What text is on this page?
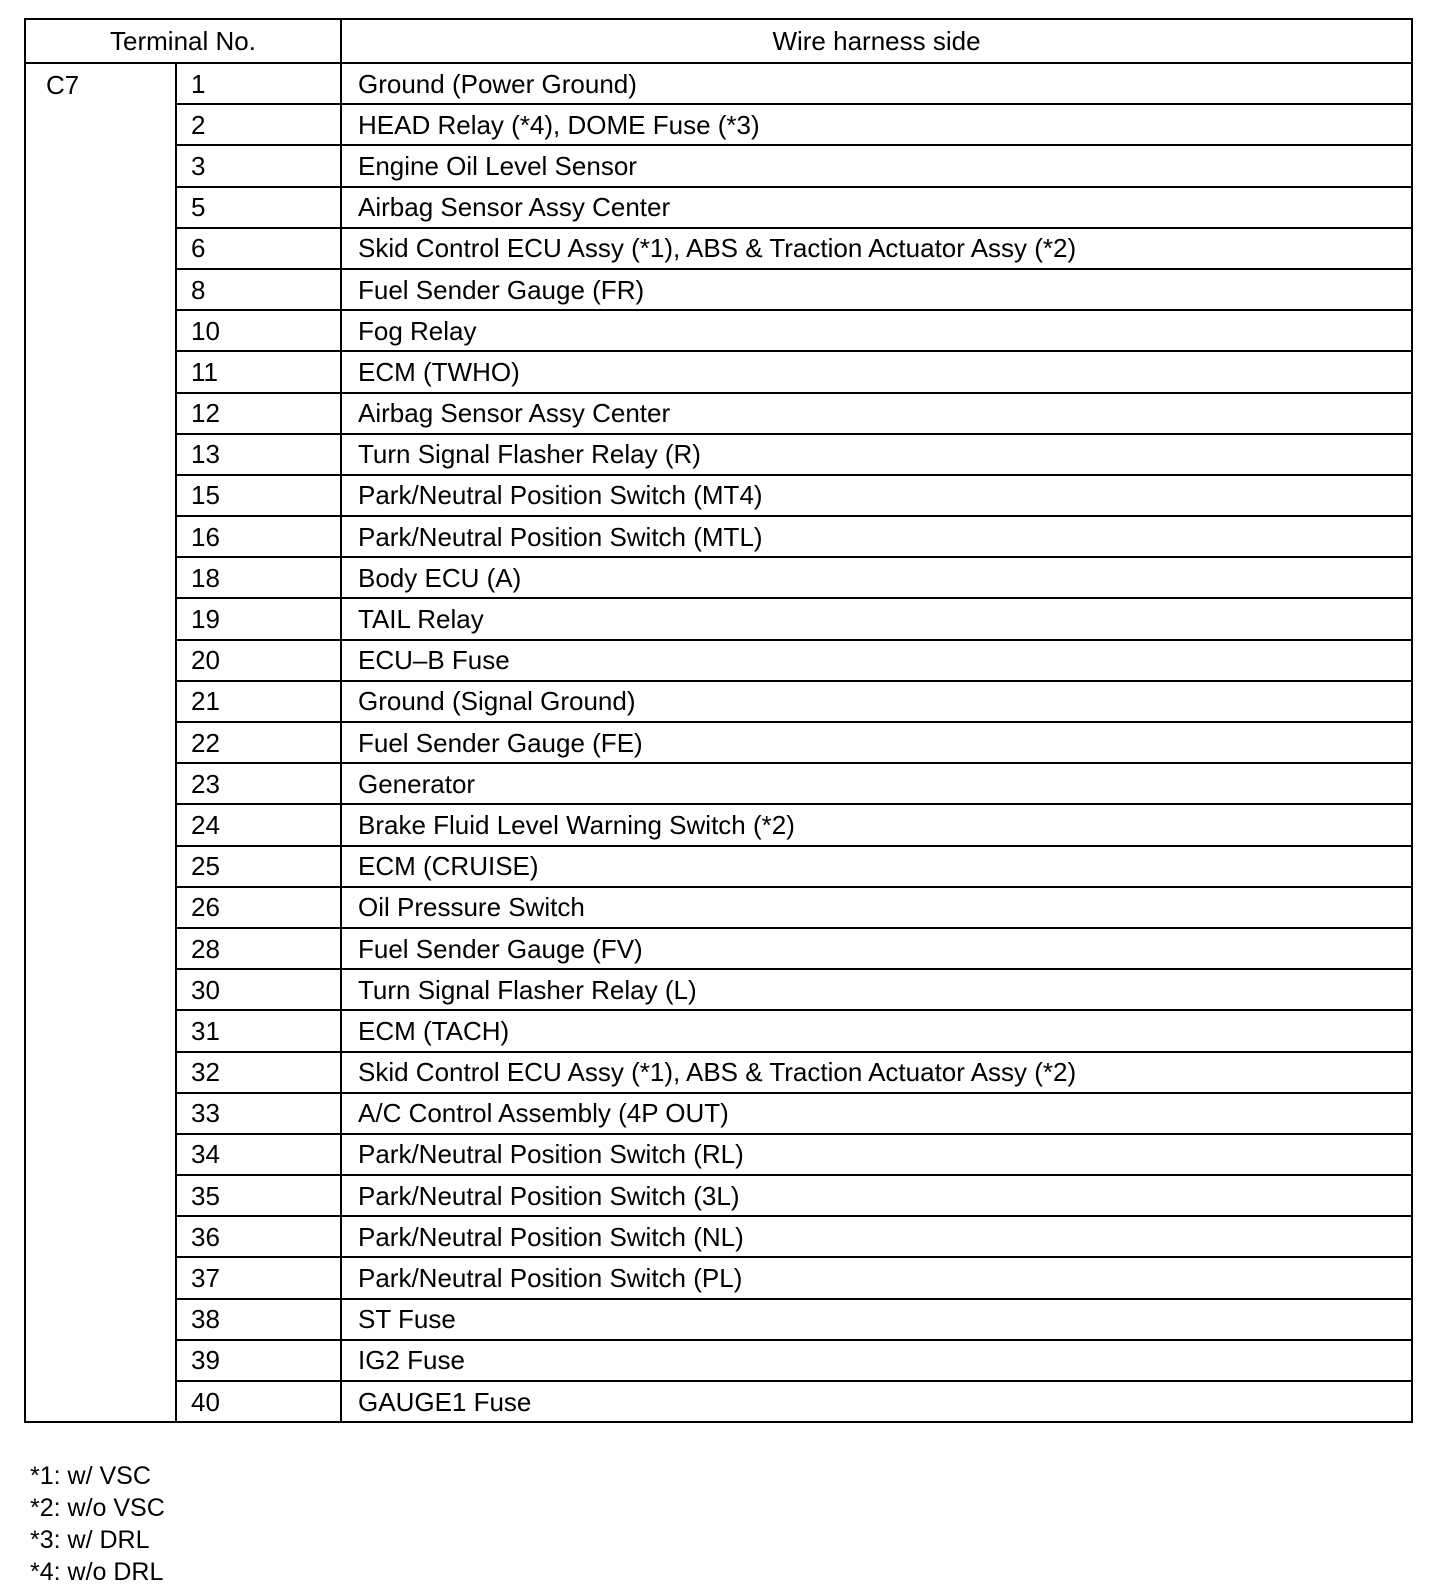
Terminal No.		Wire harness side
C7	1	Ground (Power Ground)
	2	HEAD Relay (*4), DOME Fuse (*3)
	3	Engine Oil Level Sensor
	5	Airbag Sensor Assy Center
	6	Skid Control ECU Assy (*1), ABS & Traction Actuator Assy (*2)
	8	Fuel Sender Gauge (FR)
	10	Fog Relay
	11	ECM (TWHO)
	12	Airbag Sensor Assy Center
	13	Turn Signal Flasher Relay (R)
	15	Park/Neutral Position Switch (MT4)
	16	Park/Neutral Position Switch (MTL)
	18	Body ECU (A)
	19	TAIL Relay
	20	ECU–B Fuse
	21	Ground (Signal Ground)
	22	Fuel Sender Gauge (FE)
	23	Generator
	24	Brake Fluid Level Warning Switch (*2)
	25	ECM (CRUISE)
	26	Oil Pressure Switch
	28	Fuel Sender Gauge (FV)
	30	Turn Signal Flasher Relay (L)
	31	ECM (TACH)
	32	Skid Control ECU Assy (*1), ABS & Traction Actuator Assy (*2)
	33	A/C Control Assembly (4P OUT)
	34	Park/Neutral Position Switch (RL)
	35	Park/Neutral Position Switch (3L)
	36	Park/Neutral Position Switch (NL)
	37	Park/Neutral Position Switch (PL)
	38	ST Fuse
	39	IG2 Fuse
	40	GAUGE1 Fuse
*1: w/ VSC
*2: w/o VSC
*3: w/ DRL
*4: w/o DRL
